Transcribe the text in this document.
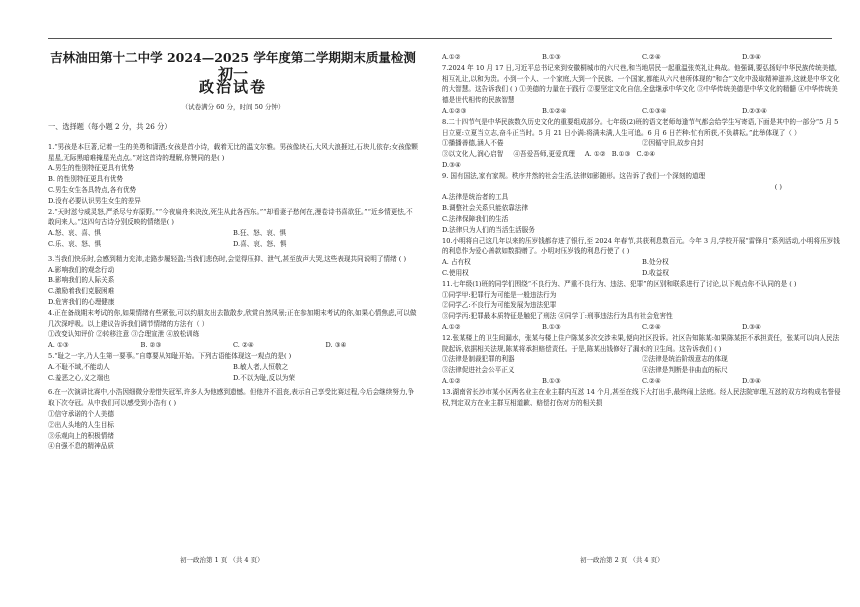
吉林油田第十二中学 2024—2025 学年度第二学期期末质量检测初一
政治试卷
（试卷满分 60 分，时间 50 分钟）
一、选择题（每小题 2 分，共 26 分）

1.“男孩是本巨著,记着一生的美勇和潇洒;女孩是首小诗，载着无比的温文尔雅。男孩像块石,大风大浪捱过,石块儿依存;女孩像颗星星,无际黑暗难掩星光点点。”对这首诗的理解,你赞同的是( )

A.男生的性别特征更具有优势

B. 的性别特征更具有优势

C.男生女生各具特点,各有优势

D.没有必要认识男生女生的差异

2.“天时怼兮威灵怒,严杀尽兮弃原野。”“今夜扁舟来决汝,死生从此各西东。”“却看妻子愁何在,漫卷诗书喜欲狂。”“近乡情更怯,不敢问来人。”这四句古诗分别反映的情绪是( )

A.怒、哀、喜、惧	B.狂、怒、哀、惧
C.乐、哀、怒、惧	D.喜、哀、怒、惧

3.当我们快乐时,会感到精力充沛,走路步履轻盈;当我们悲伤时,会觉得压抑、泄气,甚至放声大哭,这些表现共同说明了情绪 ( )

A.影响我们的观念行动

B.影响我们的人际关系

C.激励着我们克服困难

D.危害我们的心理健康

4.正在备战期末考试的你,如果情绪有些紧张,可以约朋友出去散散步,欣赏自然风景;正在参加期末考试的你,如果心情焦虑,可以做几次深呼吸。以上建议告诉我们调节情绪的方法有（ ）

①改变认知评价 ②转移注意 ③合理宣泄 ④放松训练

A. ①③	B. ②③	C. ②④	D. ③④

5.“耻之一字,乃人生第一要事。”自尊要从知耻开始。下列古语能体现这一观点的是( )

A.不耻不域,不能动人	B.敏人者,人恒敬之
C.羞恶之心,义之端也	D.不以为耻,反以为荣

6.在一次演讲比赛中,小浩因细微分差惜失冠军,许多人为他感到遗憾。但他并不沮丧,表示自己享受比赛过程,今后会继续努力,争取下次夺冠。从中我们可以感受到小浩有 ( )

①信守承诺的个人美德

②出人头地的人生目标

③乐观向上的积极情绪

④自强不息的精神品质

初一政治第 1 页 （共 4 页）
A.①②	B.①③	C.②④	D.③④

7.2024 年 10 月 17 日,习近平总书记来到安徽桐城市的六尺巷,和当地居民一起重温张英礼让典故。他强调,要弘扬好中华民族传统美德,相互礼让,以和为贵。小到一个人、一个家庭,大到一个民族、一个国家,都能从六尺巷所体现的“和合”文化中汲取精神滋养,这就是中华文化的大智慧。这告诉我们 ( ) ①美德的力量在于践行 ②要坚定文化自信,全盘继承中华文化 ③中华传统美德是中华文化的精髓 ④中华传统美德是世代相传的民族智慧

A.①②③	B.①②④	C.①③④	D.②③④

8.二十四节气是中华民族数久历史文化的重要组成部分。七年级(2)班的语文老师每逢节气都会给学生写寄语,下面是其中的一部分“5 月 5 日立夏:立夏当立志,奋斗正当时。5 月 21 日小满:将满未满,人生可追。6 月 6 日芒种:忙有所获,不负耕耘。”此举体现了（ ）

①播播善德,涵人不倦	②因循守旧,故步自封
③以文化人,润心启智 ④吾爱吾师,更爱真理 A. ①② B.①③ C.②④

D.③④

9. 国有国法,家有家规。秩序井然的社会生活,法律如影随形。这告诉了我们一个深刻的道理

( )

A.法律是统治者的工具

B.调整社会关系只能依靠法律

C.法律保障我们的生活

D.法律只为人们的当活生活服务

10.小明将自己这几年以来的压岁钱都存进了银行,至 2024 年春节,共获利息数百元。今年 3 月,学校开展“雷锋月”系列活动,小明将压岁钱的利息作为爱心善款如数捐赠了。小明对压岁钱的利息行使了 ( )

A. 占有权	B.处分权
C.使用权	D.收益权

11.七年级(1)班的同学们围绕“不良行为、严重不良行为、违法、犯罪”的区别和联系进行了讨论,以下观点你不认同的是 ( )

①同学甲:犯罪行为可能是一般违法行为

②同学乙:不良行为可能发展为违法犯罪

③同学丙:犯罪最本质特征是触犯了刑法 ④同学丁:刑事违法行为具有社会危害性

A.①②	B.①③	C.②④	D.③④

12.张某楼上的卫生间漏水，张某与楼上住户陈某多次交涉未果,便向社区投诉。社区告知陈某:如果陈某拒不承担责任，张某可以向人民法院起诉,依据相关法规,陈某将承担赔偿责任。于是,陈某出钱修好了漏水的卫生间。这告诉我们 ( )

①法律是制裁犯罪的利器	②法律是统治阶级意志的体现
③法律促进社会公平正义	④法律是判断是非曲直的标尺
A.①②	B.①③	C.②④	D.③④

13.湖南省长沙市某小区两名业主在业主群内互怼 14 个月,甚至在线下大打出手,最终闹上法庭。经人民法院审理,互怼的双方均构成名誉侵权,判定双方在业主群互相道歉、赔偿打伤对方的相关损

初一政治第 2 页 （共 4 页）
